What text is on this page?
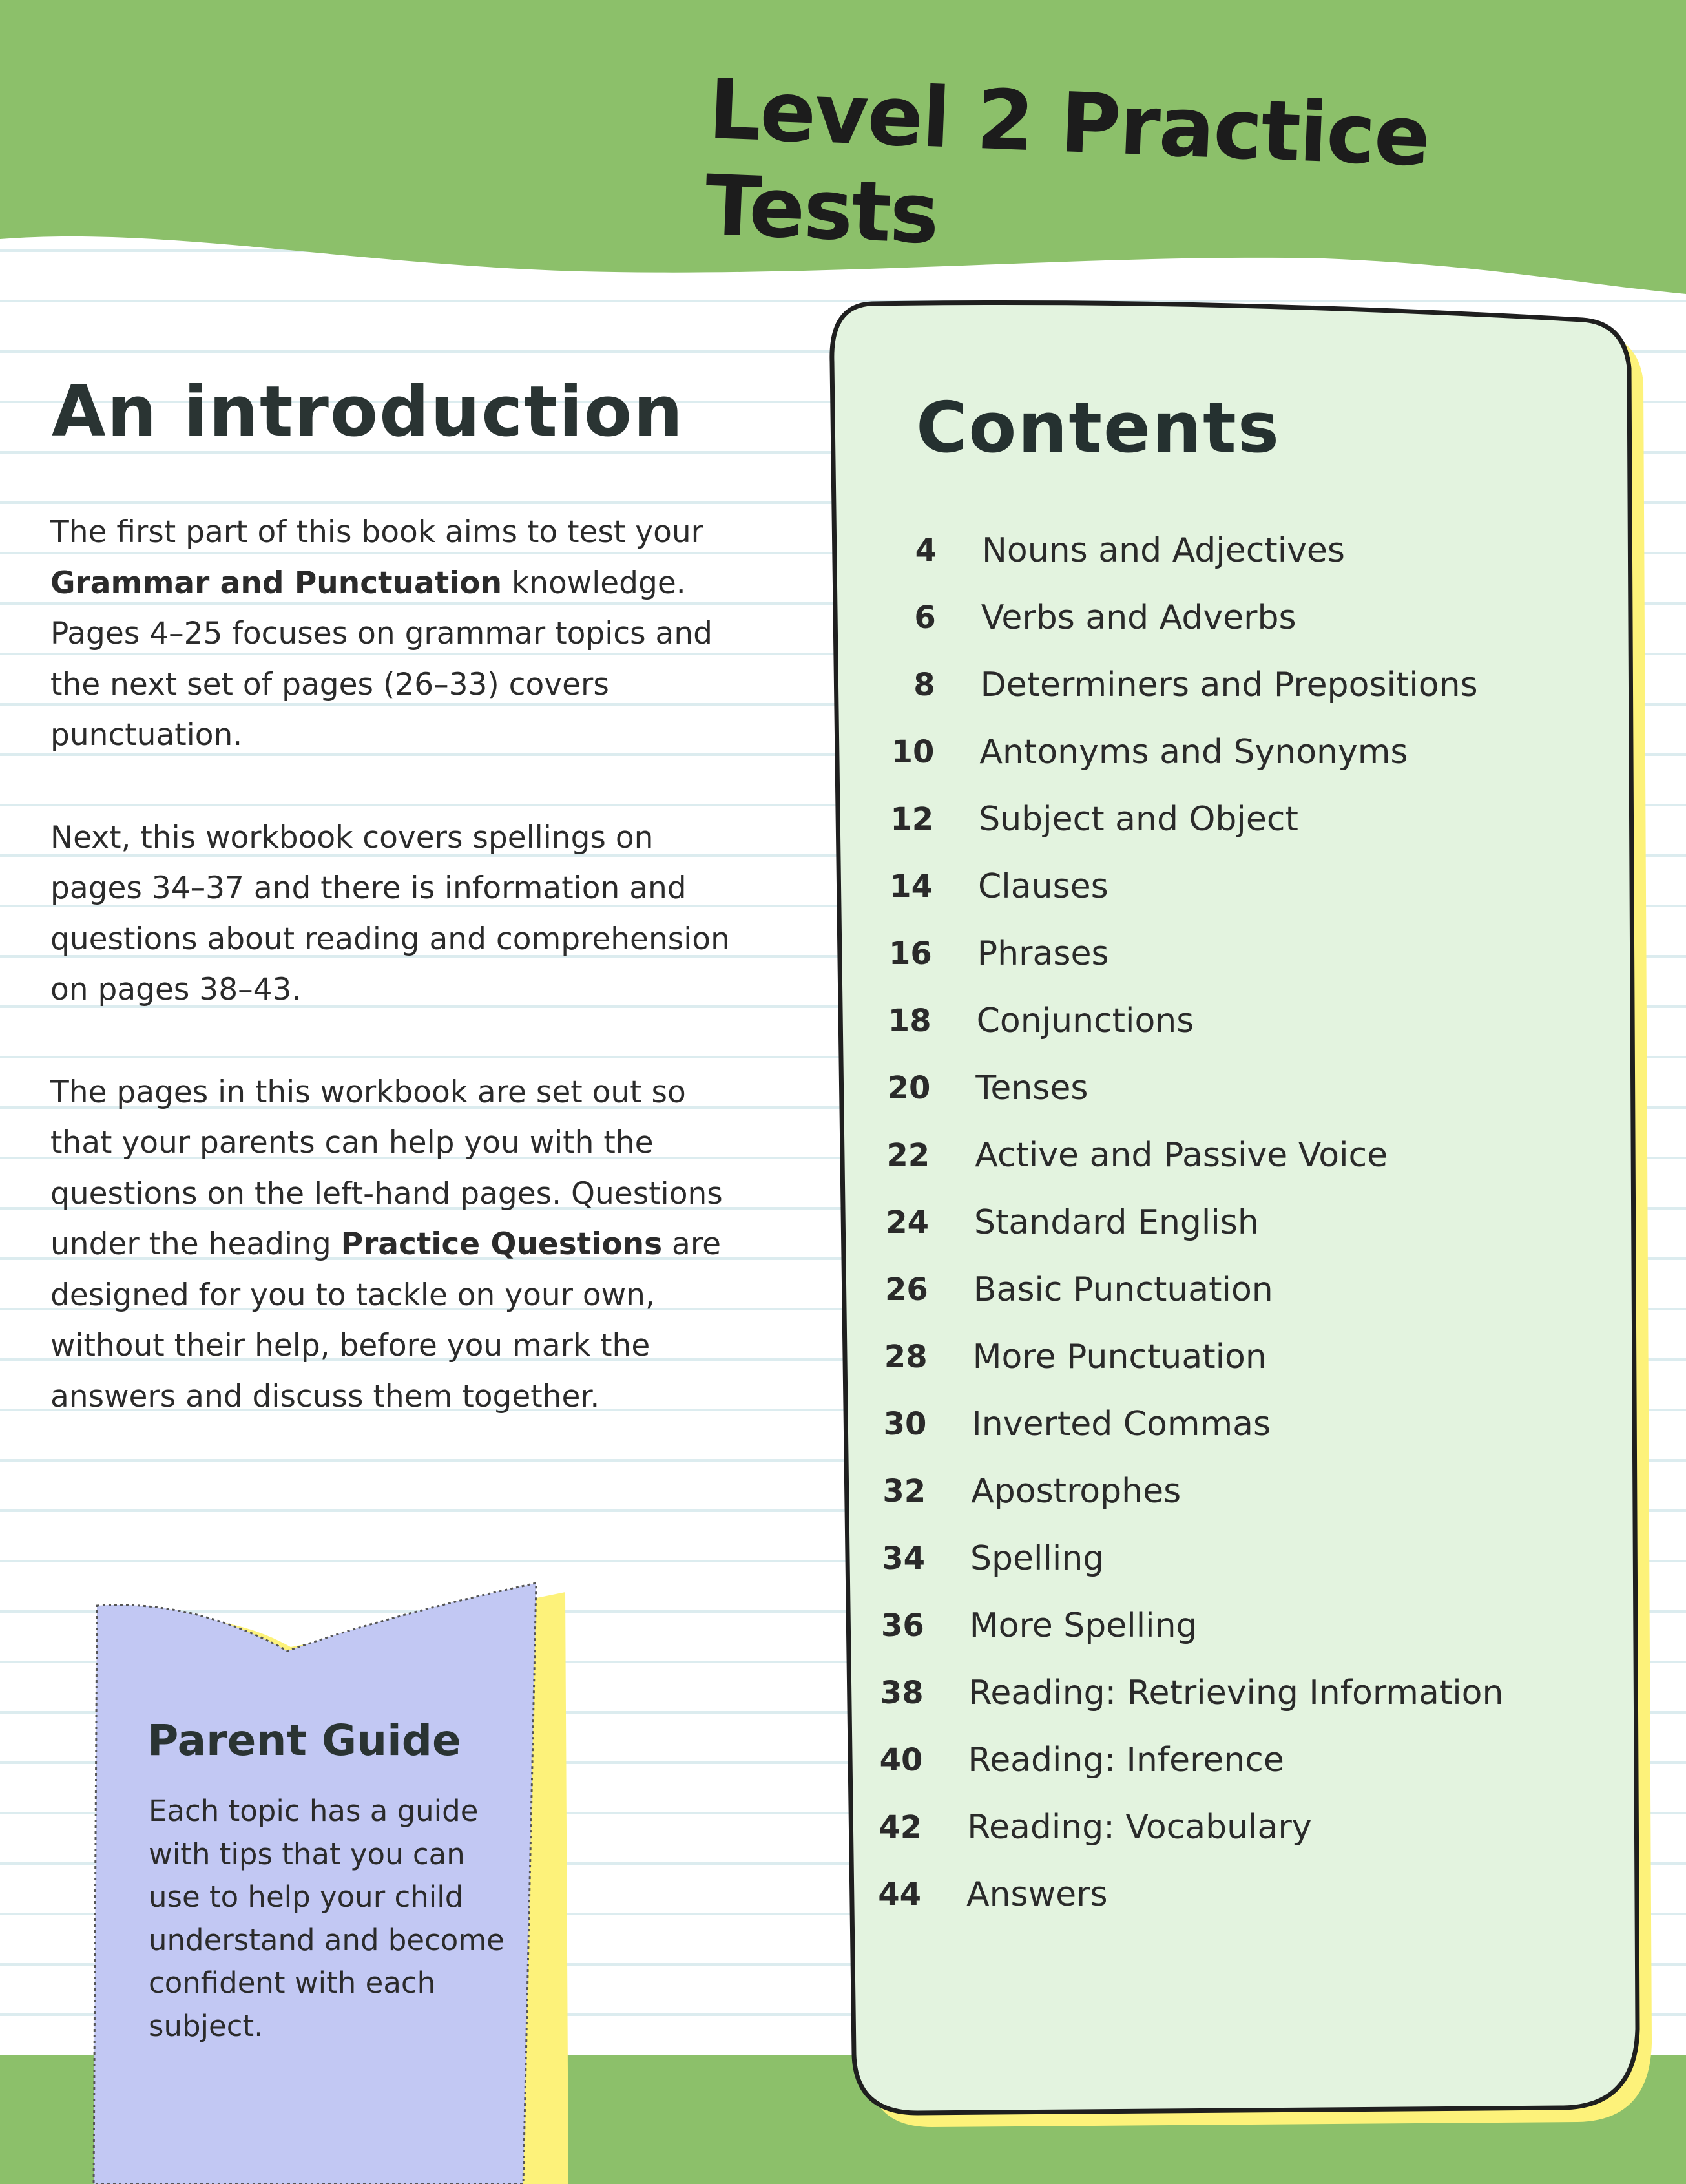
Level 2 Practice Tests
An introduction

The first part of this book aims to test your Grammar and Punctuation knowledge. Pages 4–25 focuses on grammar topics and the next set of pages (26–33) covers punctuation.

Next, this workbook covers spellings on pages 34–37 and there is information and questions about reading and comprehension on pages 38–43.

The pages in this workbook are set out so that your parents can help you with the questions on the left-hand pages. Questions under the heading Practice Questions are designed for you to tackle on your own, without their help, before you mark the answers and discuss them together.

Parent Guide

Each topic has a guide with tips that you can use to help your child understand and become confident with each subject.

Contents
4 Nouns and Adjectives
6 Verbs and Adverbs
8 Determiners and Prepositions
10 Antonyms and Synonyms
12 Subject and Object
14 Clauses
16 Phrases
18 Conjunctions
20 Tenses
22 Active and Passive Voice
24 Standard English
26 Basic Punctuation
28 More Punctuation
30 Inverted Commas
32 Apostrophes
34 Spelling
36 More Spelling
38 Reading: Retrieving Information
40 Reading: Inference
42 Reading: Vocabulary
44 Answers
